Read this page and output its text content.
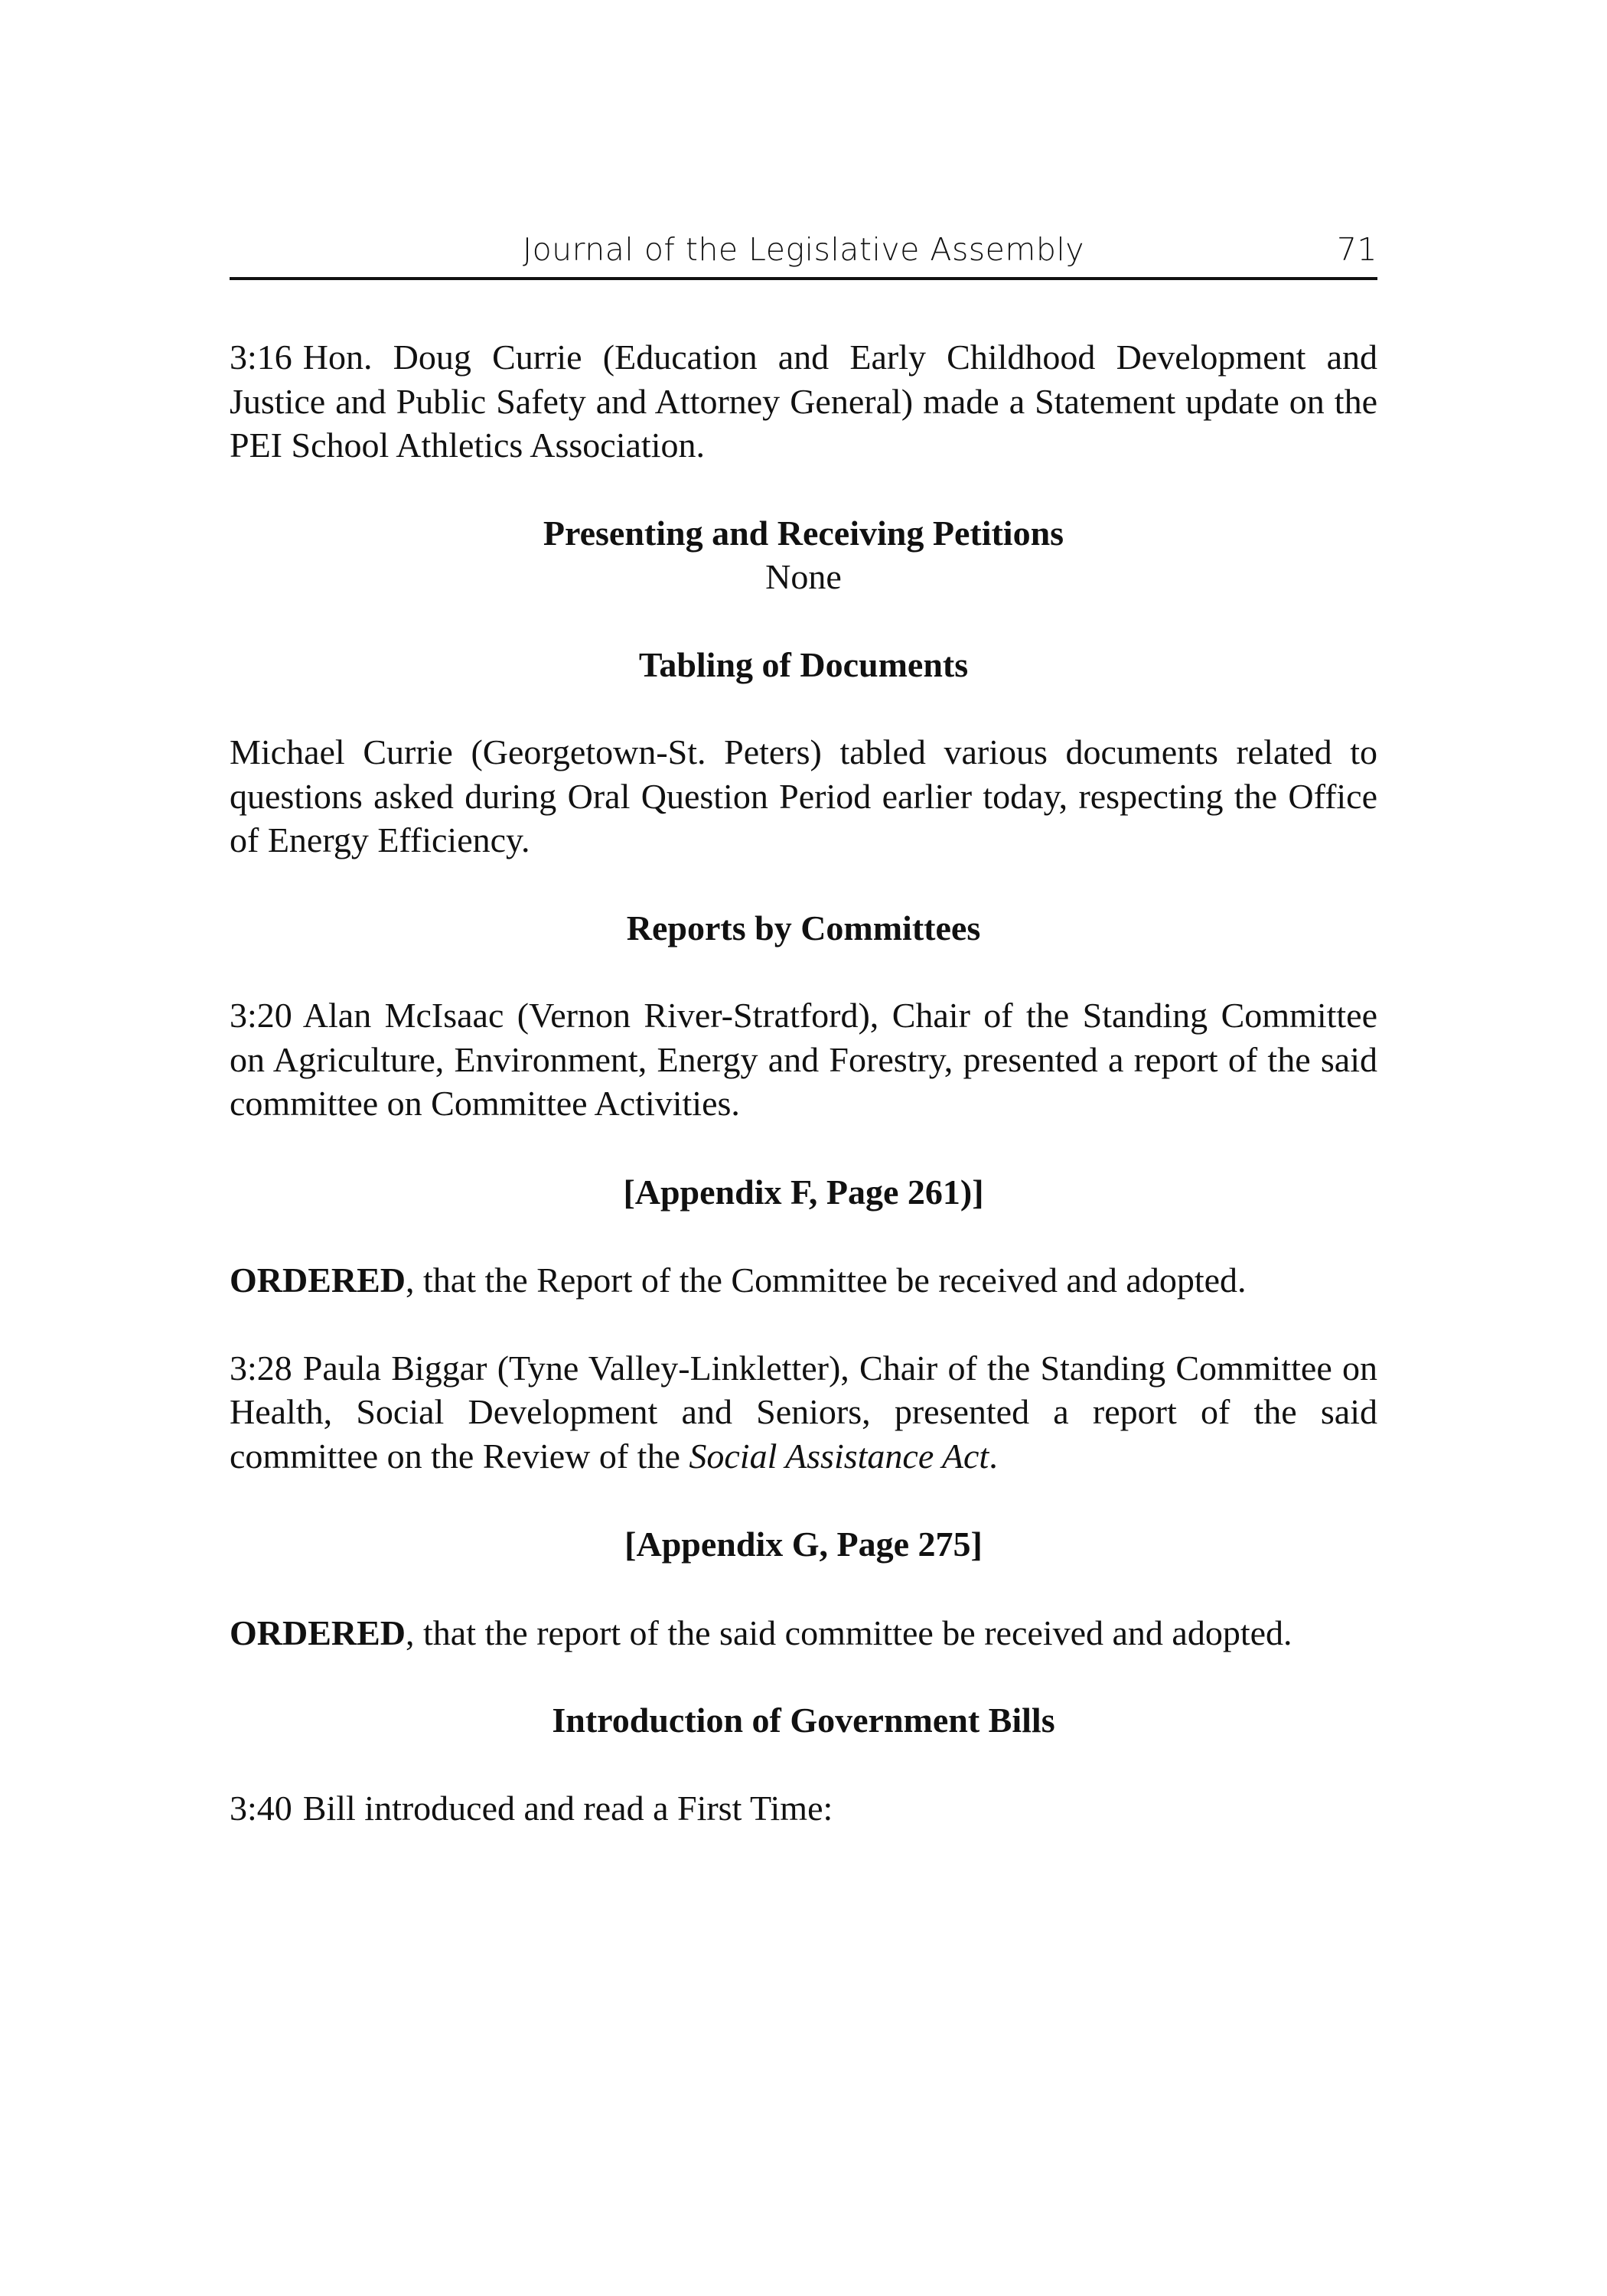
Journal of the Legislative Assembly	71

3:16 Hon. Doug Currie (Education and Early Childhood Development and Justice and Public Safety and Attorney General) made a Statement update on the PEI School Athletics Association.

Presenting and Receiving Petitions

None

Tabling of Documents

Michael Currie (Georgetown-St. Peters) tabled various documents related to questions asked during Oral Question Period earlier today, respecting the Office of Energy Efficiency.

Reports by Committees

3:20 Alan McIsaac (Vernon River-Stratford), Chair of the Standing Committee on Agriculture, Environment, Energy and Forestry, presented a report of the said committee on Committee Activities.

[Appendix F, Page 261)]

ORDERED, that the Report of the Committee be received and adopted.

3:28 Paula Biggar (Tyne Valley-Linkletter), Chair of the Standing Committee on Health, Social Development and Seniors, presented a report of the said committee on the Review of the Social Assistance Act.

[Appendix G, Page 275]

ORDERED, that the report of the said committee be received and adopted.

Introduction of Government Bills

3:40 Bill introduced and read a First Time:
